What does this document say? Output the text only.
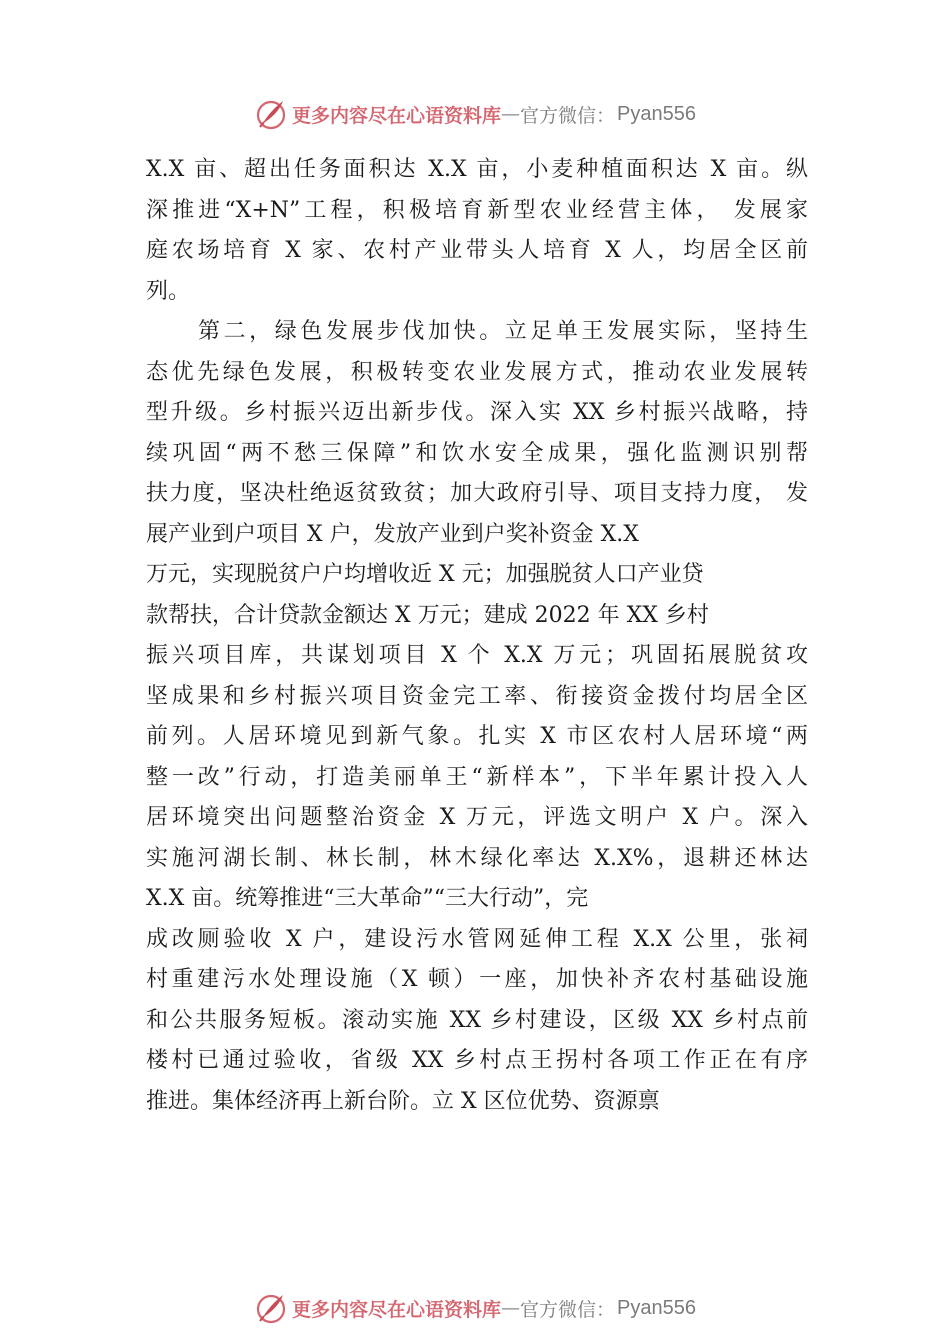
更多内容尽在心语资料库 — 官方微信： Pyan556
X.X 亩、超出任务面积达 X.X 亩，小麦种植面积达 X 亩。纵
深推进“X+N”工程，积极培育新型农业经营主体， 发展家
庭农场培育 X 家、农村产业带头人培育 X 人，均居全区前
列。
第二，绿色发展步伐加快。立足单王发展实际，坚持生
态优先绿色发展，积极转变农业发展方式，推动农业发展转
型升级。乡村振兴迈出新步伐。深入实 XX 乡村振兴战略，持
续巩固“两不愁三保障”和饮水安全成果，强化监测识别帮
扶力度，坚决杜绝返贫致贫；加大政府引导、项目支持力度， 发
展产业到户项目 X 户，发放产业到户奖补资金 X.X
万元，实现脱贫户户均增收近 X 元；加强脱贫人口产业贷
款帮扶，合计贷款金额达 X 万元；建成 2022 年 XX 乡村
振兴项目库，共谋划项目 X 个 X.X 万元；巩固拓展脱贫攻
坚成果和乡村振兴项目资金完工率、衔接资金拨付均居全区
前列。人居环境见到新气象。扎实 X 市区农村人居环境“两
整一改”行动，打造美丽单王“新样本”，下半年累计投入人
居环境突出问题整治资金 X 万元，评选文明户 X 户。深入
实施河湖长制、林长制，林木绿化率达 X.X%，退耕还林达
X.X 亩。统筹推进“三大革命”“三大行动”，完
成改厕验收 X 户，建设污水管网延伸工程 X.X 公里，张祠
村重建污水处理设施（X 顿）一座，加快补齐农村基础设施
和公共服务短板。滚动实施 XX 乡村建设，区级 XX 乡村点前
楼村已通过验收，省级 XX 乡村点王拐村各项工作正在有序
推进。集体经济再上新台阶。立 X 区位优势、资源禀
更多内容尽在心语资料库 — 官方微信： Pyan556
